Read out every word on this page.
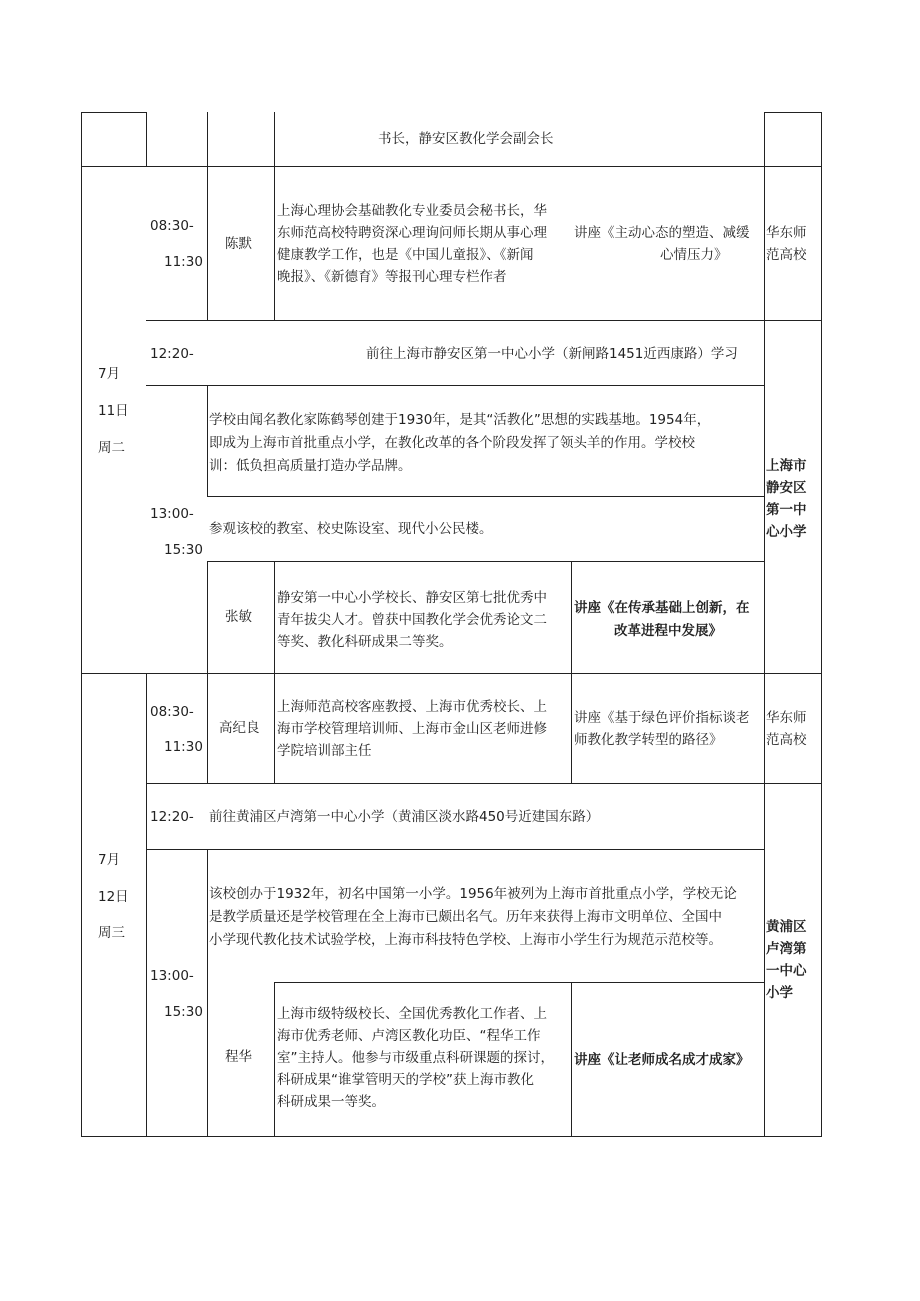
书长，静安区教化学会副会长
7月
11日
周二
08:30-
11:30
陈默
上海心理协会基础教化专业委员会秘书长，华
东师范高校特聘资深心理询问师长期从事心理
健康教学工作，也是《中国儿童报》、《新闻
晚报》、《新德育》等报刊心理专栏作者
讲座《主动心态的塑造、减缓
心情压力》
华东师
范高校
12:20-	前往上海市静安区第一中心小学（新闸路1451近西康路）学习
13:00-
15:30
学校由闻名教化家陈鹤琴创建于1930年，是其“活教化”思想的实践基地。1954年，
即成为上海市首批重点小学，在教化改革的各个阶段发挥了领头羊的作用。学校校
训：低负担高质量打造办学品牌。
参观该校的教室、校史陈设室、现代小公民楼。
张敏
静安第一中心小学校长、静安区第七批优秀中
青年拔尖人才。曾获中国教化学会优秀论文二
等奖、教化科研成果二等奖。
讲座《在传承基础上创新，在
改革进程中发展》
上海市
静安区
第一中
心小学
7月
12日
周三
08:30-
11:30
高纪良
上海师范高校客座教授、上海市优秀校长、上
海市学校管理培训师、上海市金山区老师进修
学院培训部主任
讲座《基于绿色评价指标谈老
师教化教学转型的路径》
华东师
范高校
12:20- 前往黄浦区卢湾第一中心小学（黄浦区淡水路450号近建国东路）
13:00-
15:30
该校创办于1932年，初名中国第一小学。1956年被列为上海市首批重点小学，学校无论
是教学质量还是学校管理在全上海市已颇出名气。历年来获得上海市文明单位、全国中
小学现代教化技术试验学校，上海市科技特色学校、上海市小学生行为规范示范校等。
程华
上海市级特级校长、全国优秀教化工作者、上
海市优秀老师、卢湾区教化功臣、“程华工作
室”主持人。他参与市级重点科研课题的探讨，
科研成果“谁掌管明天的学校”获上海市教化
科研成果一等奖。
讲座《让老师成名成才成家》
黄浦区
卢湾第
一中心
小学
